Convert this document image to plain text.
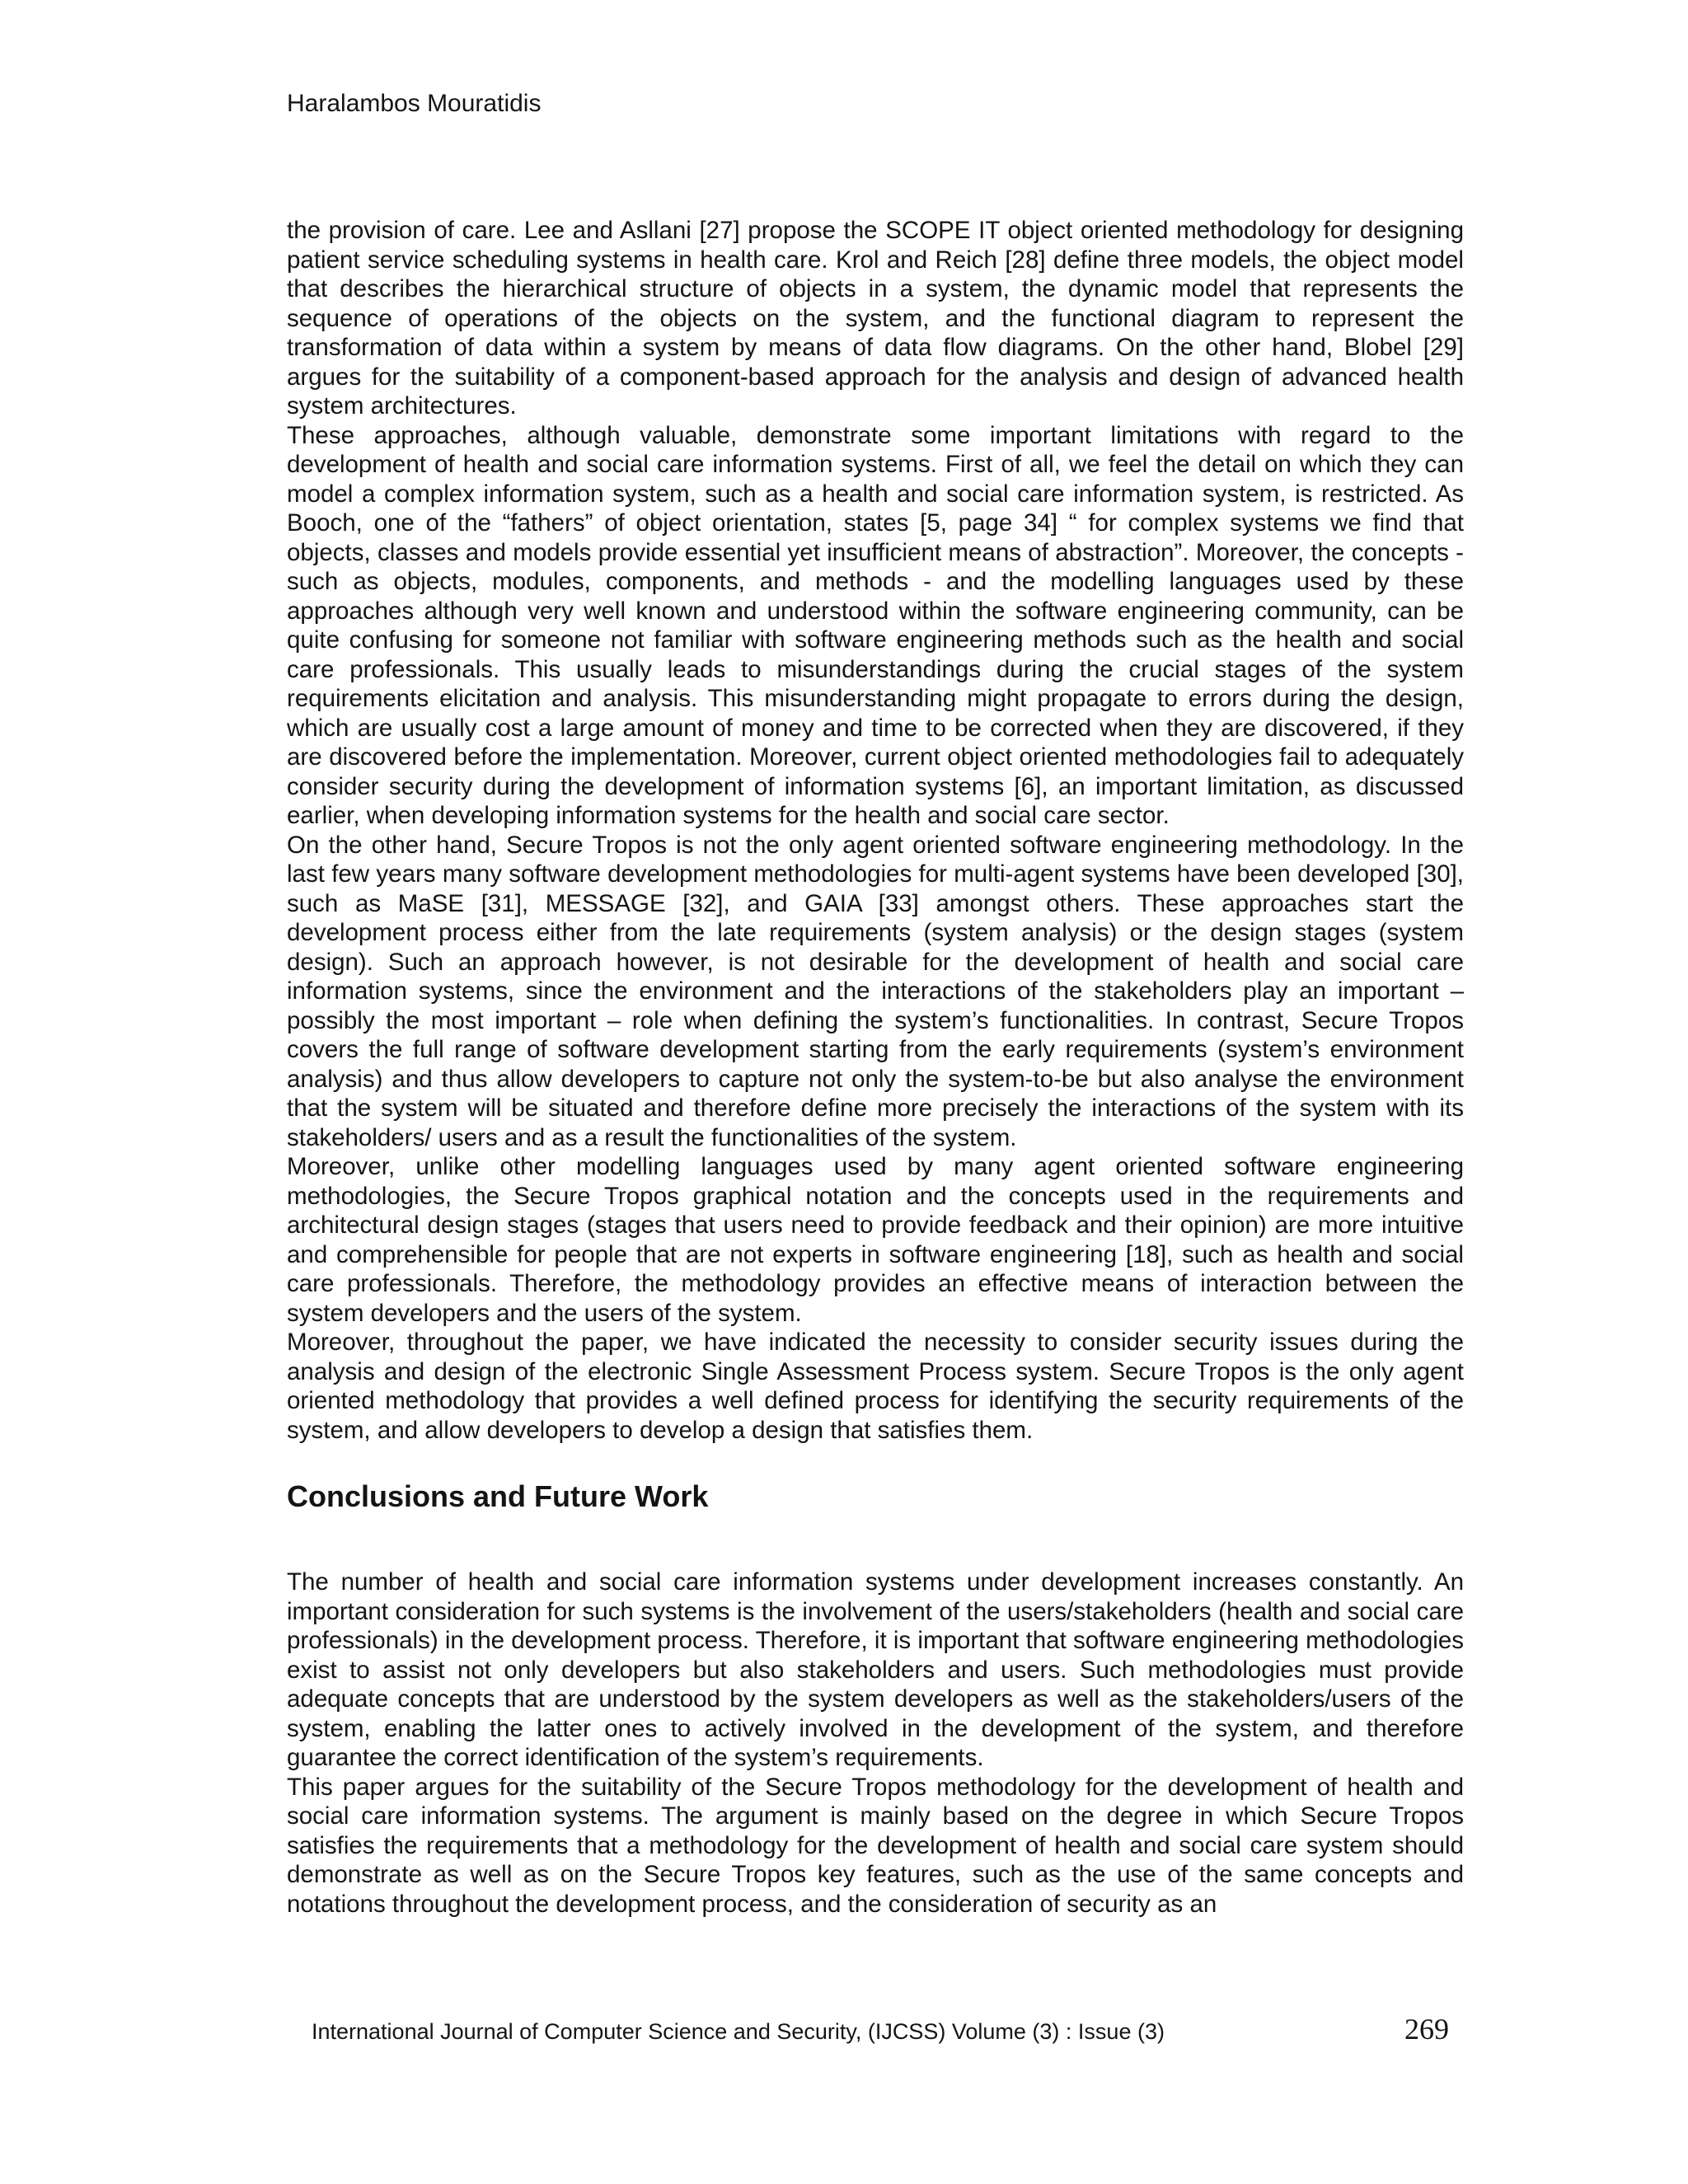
Haralambos Mouratidis

the provision of care. Lee and Asllani [27] propose the SCOPE IT object oriented methodology for designing patient service scheduling systems in health care. Krol and Reich [28] define three models, the object model that describes the hierarchical structure of objects in a system, the dynamic model that represents the sequence of operations of the objects on the system, and the functional diagram to represent the transformation of data within a system by means of data flow diagrams. On the other hand, Blobel [29] argues for the suitability of a component-based approach for the analysis and design of advanced health system architectures.

These approaches, although valuable, demonstrate some important limitations with regard to the development of health and social care information systems. First of all, we feel the detail on which they can model a complex information system, such as a health and social care information system, is restricted. As Booch, one of the “fathers” of object orientation, states [5, page 34] “ for complex systems we find that objects, classes and models provide essential yet insufficient means of abstraction”. Moreover, the concepts - such as objects, modules, components, and methods - and the modelling languages used by these approaches although very well known and understood within the software engineering community, can be quite confusing for someone not familiar with software engineering methods such as the health and social care professionals. This usually leads to misunderstandings during the crucial stages of the system requirements elicitation and analysis. This misunderstanding might propagate to errors during the design, which are usually cost a large amount of money and time to be corrected when they are discovered, if they are discovered before the implementation. Moreover, current object oriented methodologies fail to adequately consider security during the development of information systems [6], an important limitation, as discussed earlier, when developing information systems for the health and social care sector.

On the other hand, Secure Tropos is not the only agent oriented software engineering methodology. In the last few years many software development methodologies for multi-agent systems have been developed [30], such as MaSE [31], MESSAGE [32], and GAIA [33] amongst others. These approaches start the development process either from the late requirements (system analysis) or the design stages (system design). Such an approach however, is not desirable for the development of health and social care information systems, since the environment and the interactions of the stakeholders play an important – possibly the most important – role when defining the system’s functionalities. In contrast, Secure Tropos covers the full range of software development starting from the early requirements (system’s environment analysis) and thus allow developers to capture not only the system-to-be but also analyse the environment that the system will be situated and therefore define more precisely the interactions of the system with its stakeholders/ users and as a result the functionalities of the system.

Moreover, unlike other modelling languages used by many agent oriented software engineering methodologies, the Secure Tropos graphical notation and the concepts used in the requirements and architectural design stages (stages that users need to provide feedback and their opinion) are more intuitive and comprehensible for people that are not experts in software engineering [18], such as health and social care professionals. Therefore, the methodology provides an effective means of interaction between the system developers and the users of the system.

Moreover, throughout the paper, we have indicated the necessity to consider security issues during the analysis and design of the electronic Single Assessment Process system. Secure Tropos is the only agent oriented methodology that provides a well defined process for identifying the security requirements of the system, and allow developers to develop a design that satisfies them.

Conclusions and Future Work

The number of health and social care information systems under development increases constantly. An important consideration for such systems is the involvement of the users/stakeholders (health and social care professionals) in the development process. Therefore, it is important that software engineering methodologies exist to assist not only developers but also stakeholders and users. Such methodologies must provide adequate concepts that are understood by the system developers as well as the stakeholders/users of the system, enabling the latter ones to actively involved in the development of the system, and therefore guarantee the correct identification of the system’s requirements.

This paper argues for the suitability of the Secure Tropos methodology for the development of health and social care information systems. The argument is mainly based on the degree in which Secure Tropos satisfies the requirements that a methodology for the development of health and social care system should demonstrate as well as on the Secure Tropos key features, such as the use of the same concepts and notations throughout the development process, and the consideration of security as an

International Journal of Computer Science and Security, (IJCSS) Volume (3) : Issue (3)	269
